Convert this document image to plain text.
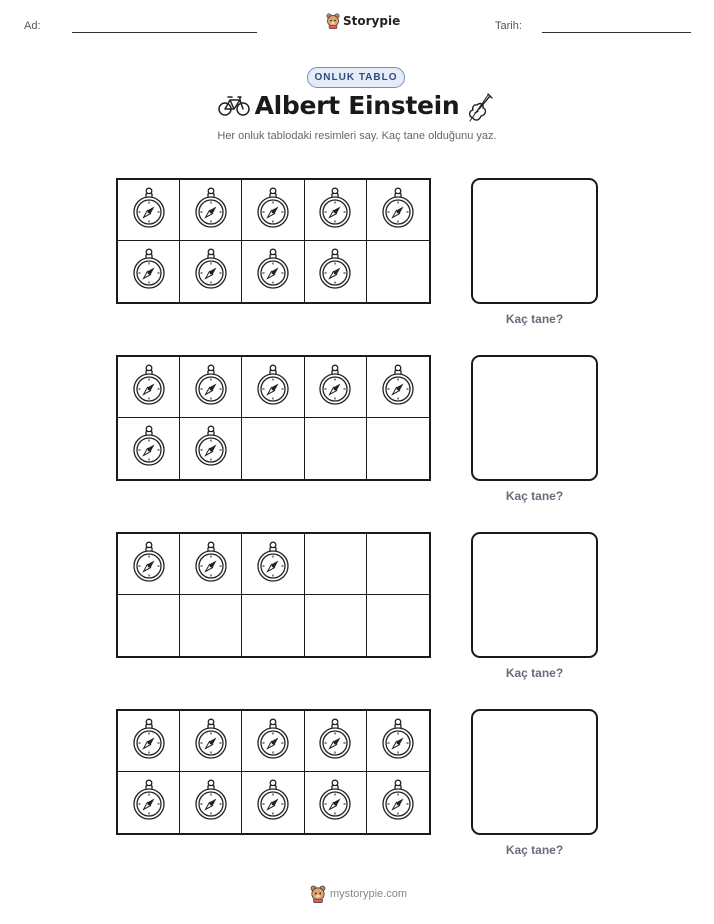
Ad:	Storypie	Tarih:
ONLUK TABLO
Albert Einstein
Her onluk tablodaki resimleri say. Kaç tane olduğunu yaz.
Kaç tane?
Kaç tane?
Kaç tane?
Kaç tane?
mystorypie.com
